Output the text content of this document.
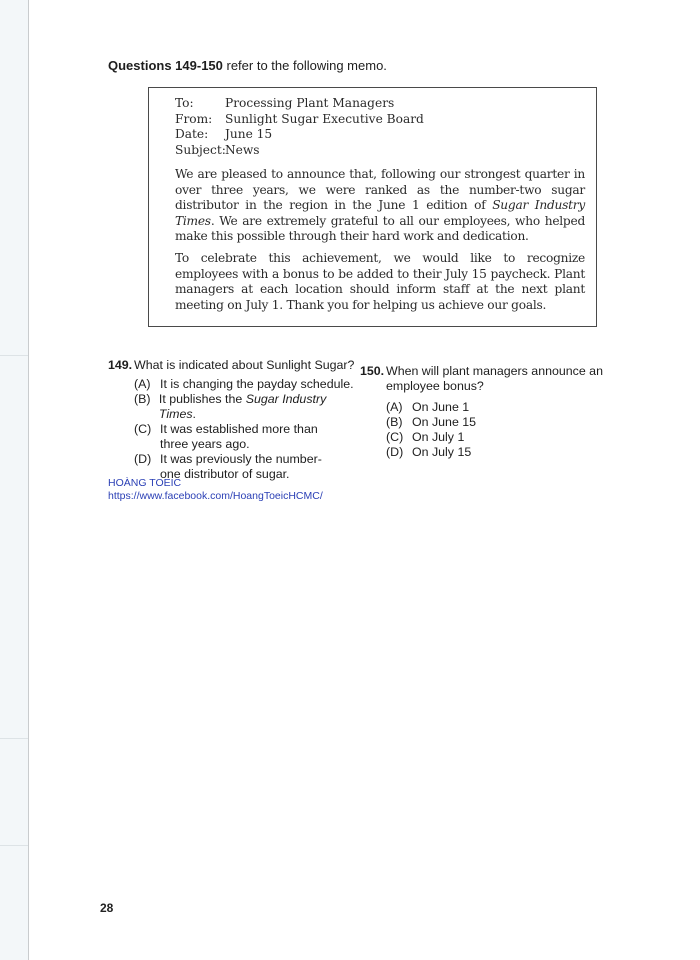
Questions 149-150 refer to the following memo.
To:	Processing Plant Managers
From:	Sunlight Sugar Executive Board
Date:	June 15
Subject: News
We are pleased to announce that, following our strongest quarter in over three years, we were ranked as the number-two sugar distributor in the region in the June 1 edition of Sugar Industry Times. We are extremely grateful to all our employees, who helped make this possible through their hard work and dedication.
To celebrate this achievement, we would like to recognize employees with a bonus to be added to their July 15 paycheck. Plant managers at each location should inform staff at the next plant meeting on July 1. Thank you for helping us achieve our goals.
149. What is indicated about Sunlight Sugar?
(A) It is changing the payday schedule.
(B) It publishes the Sugar Industry Times.
(C) It was established more than three years ago.
(D) It was previously the number-one distributor of sugar.
150. When will plant managers announce an employee bonus?
(A) On June 1
(B) On June 15
(C) On July 1
(D) On July 15
HOÀNG TOEIC
https://www.facebook.com/HoangToeicHCMC/
28
